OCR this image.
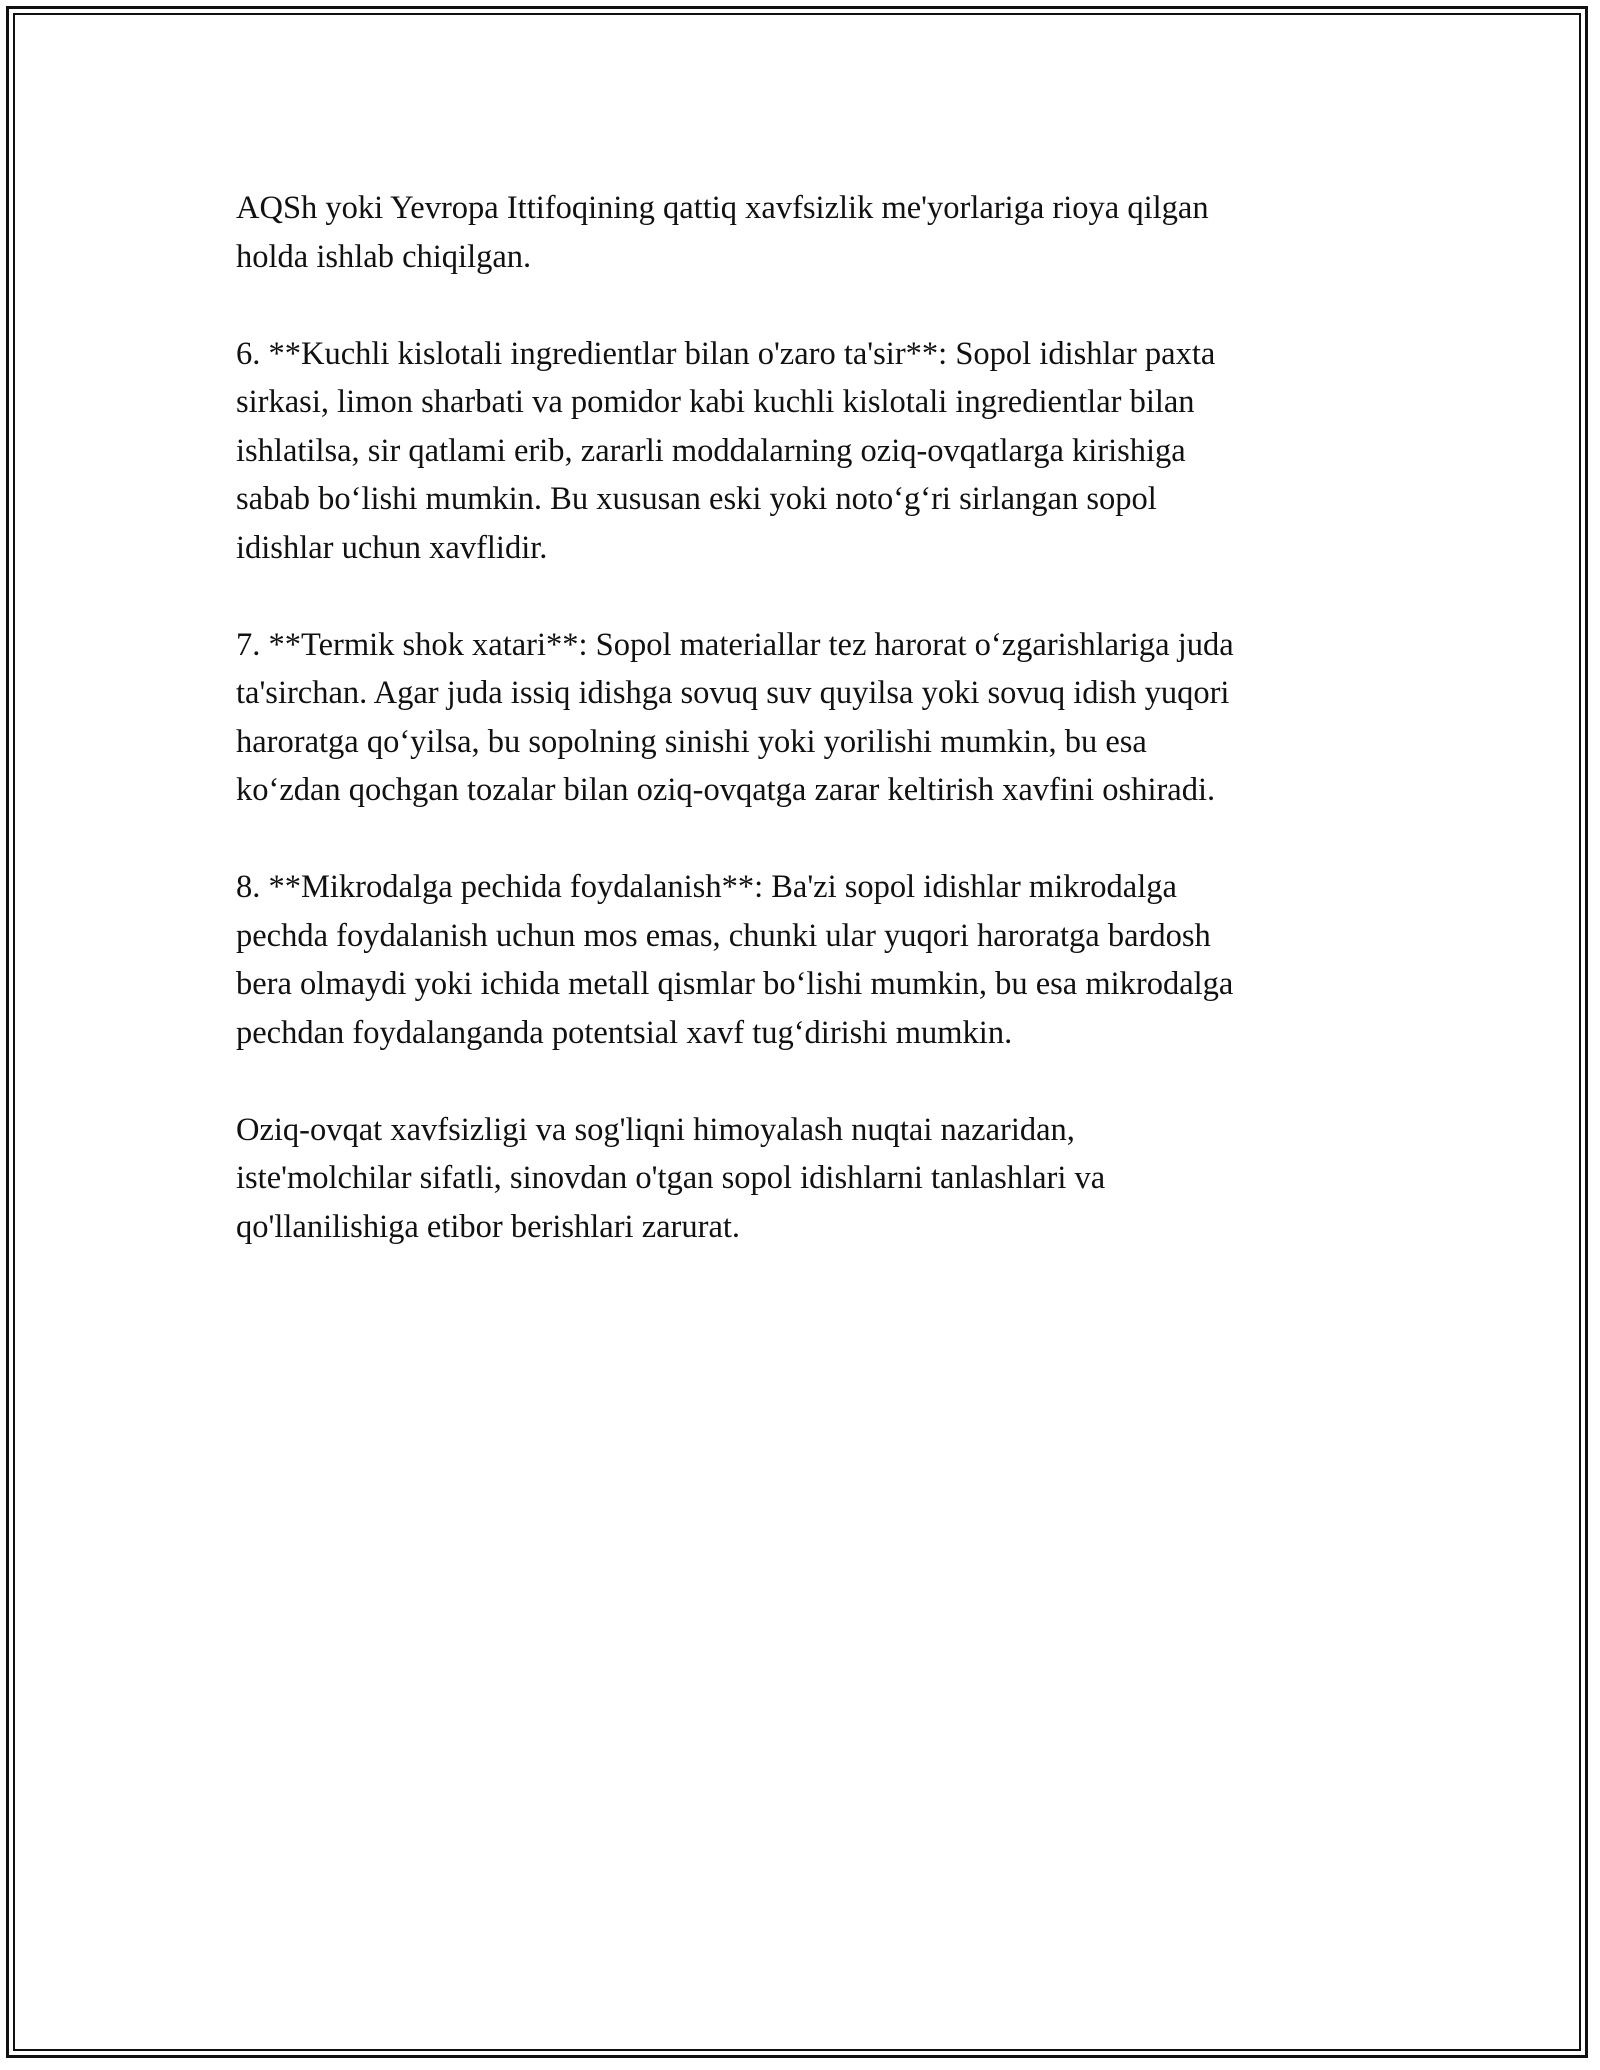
AQSh yoki Yevropa Ittifoqining qattiq xavfsizlik me'yorlariga rioya qilgan
holda ishlab chiqilgan.

6. **Kuchli kislotali ingredientlar bilan o'zaro ta'sir**: Sopol idishlar paxta
sirkasi, limon sharbati va pomidor kabi kuchli kislotali ingredientlar bilan
ishlatilsa, sir qatlami erib, zararli moddalarning oziq-ovqatlarga kirishiga
sabab bo‘lishi mumkin. Bu xususan eski yoki noto‘g‘ri sirlangan sopol
idishlar uchun xavflidir.

7. **Termik shok xatari**: Sopol materiallar tez harorat o‘zgarishlariga juda
ta'sirchan. Agar juda issiq idishga sovuq suv quyilsa yoki sovuq idish yuqori
haroratga qo‘yilsa, bu sopolning sinishi yoki yorilishi mumkin, bu esa
ko‘zdan qochgan tozalar bilan oziq-ovqatga zarar keltirish xavfini oshiradi.

8. **Mikrodalga pechida foydalanish**: Ba'zi sopol idishlar mikrodalga
pechda foydalanish uchun mos emas, chunki ular yuqori haroratga bardosh
bera olmaydi yoki ichida metall qismlar bo‘lishi mumkin, bu esa mikrodalga
pechdan foydalanganda potentsial xavf tug‘dirishi mumkin.

Oziq-ovqat xavfsizligi va sog'liqni himoyalash nuqtai nazaridan,
iste'molchilar sifatli, sinovdan o'tgan sopol idishlarni tanlashlari va
qo'llanilishiga etibor berishlari zarurat.
